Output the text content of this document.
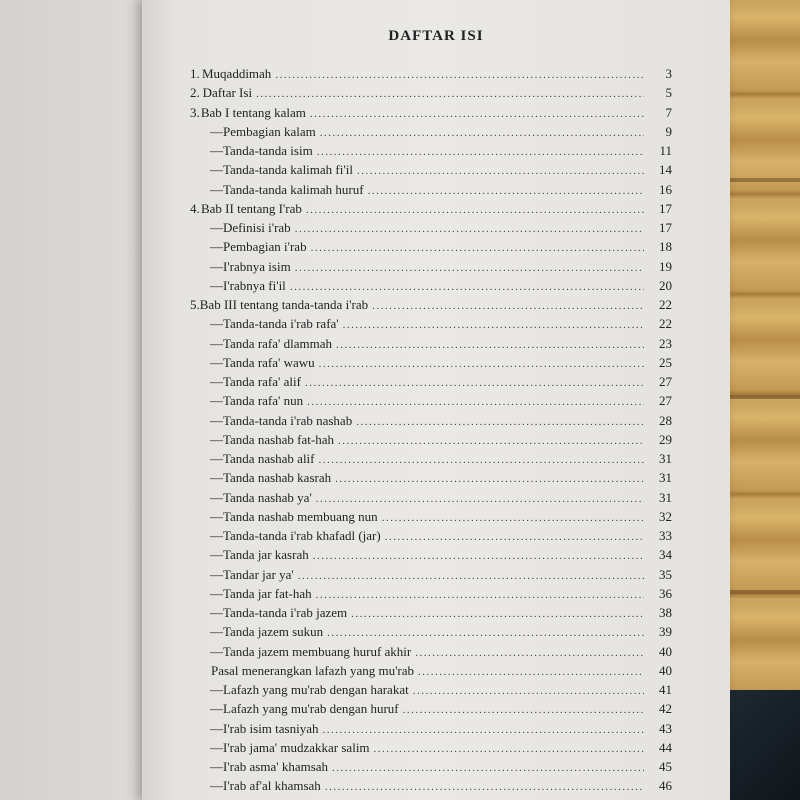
DAFTAR ISI
1. Muqaddimah .....	3
2. Daftar Isi .....	5
3. Bab I tentang kalam .....	7
— Pembagian kalam .....	9
— Tanda-tanda isim .....	11
— Tanda-tanda kalimah fi'il .....	14
— Tanda-tanda kalimah huruf .....	16
4. Bab II tentang I'rab .....	17
— Definisi i'rab .....	17
— Pembagian i'rab .....	18
— I'rabnya isim .....	19
— I'rabnya fi'il .....	20
5. Bab III tentang tanda-tanda i'rab .....	22
— Tanda-tanda i'rab rafa' .....	22
— Tanda rafa' dlammah .....	23
— Tanda rafa' wawu .....	25
— Tanda rafa' alif .....	27
— Tanda rafa' nun .....	27
— Tanda-tanda i'rab nashab .....	28
— Tanda nashab fat-hah .....	29
— Tanda nashab alif .....	31
— Tanda nashab kasrah .....	31
— Tanda nashab ya' .....	31
— Tanda nashab membuang nun .....	32
— Tanda-tanda i'rab khafadl (jar) .....	33
— Tanda jar kasrah .....	34
— Tandar jar ya' .....	35
— Tanda jar fat-hah .....	36
— Tanda-tanda i'rab jazem .....	38
— Tanda jazem sukun .....	39
— Tanda jazem membuang huruf akhir .....	40
Pasal menerangkan lafazh yang mu'rab .....	40
— Lafazh yang mu'rab dengan harakat .....	41
— Lafazh yang mu'rab dengan huruf .....	42
— I'rab isim tasniyah .....	43
— I'rab jama' mudzakkar salim .....	44
— I'rab asma' khamsah .....	45
— I'rab af'al khamsah .....	46
